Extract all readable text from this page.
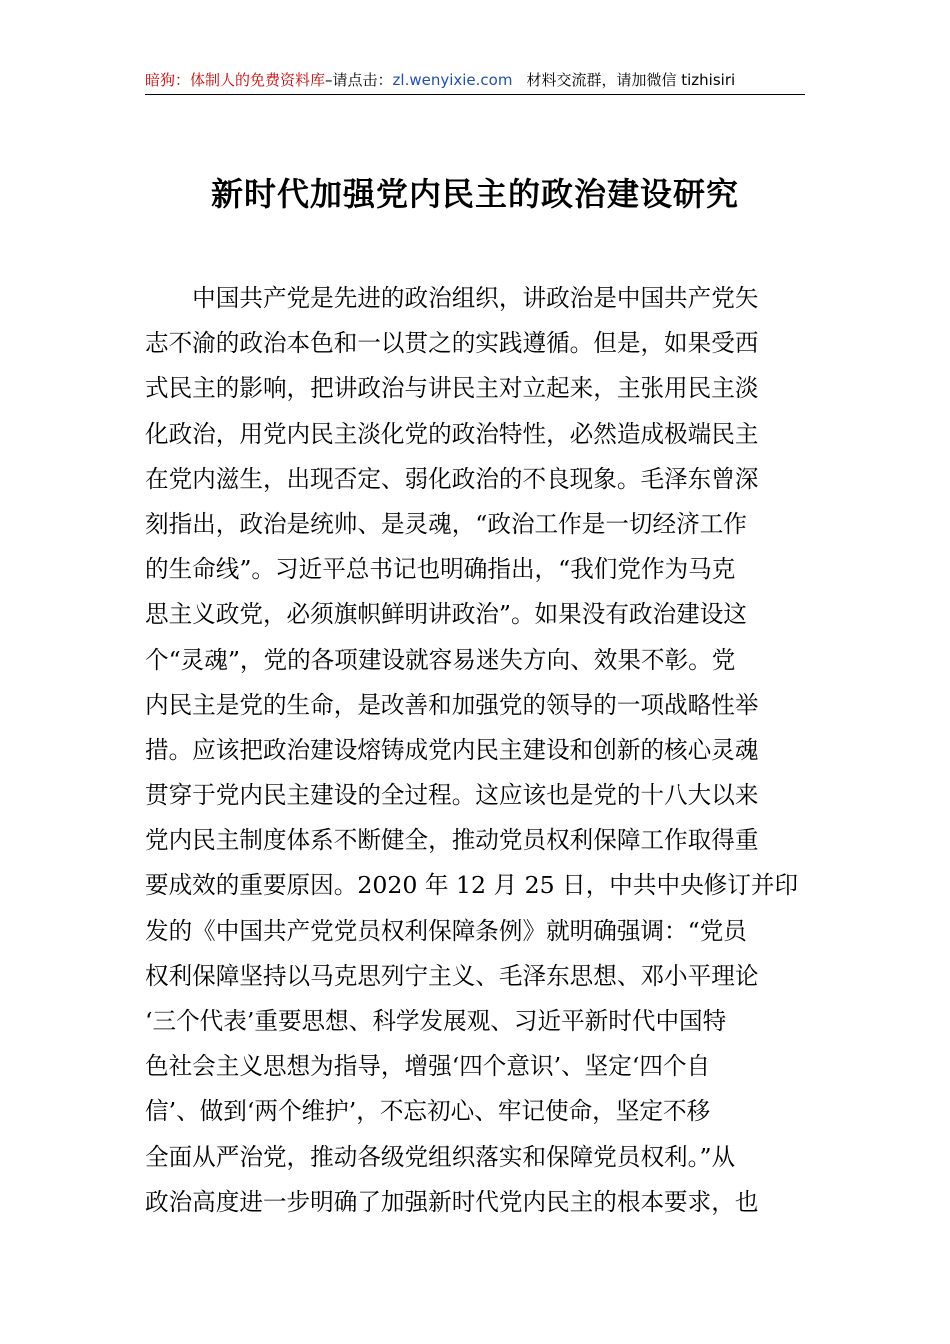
暗狗：体制人的免费资料库–请点击：zl.wenyixie.com 材料交流群，请加微信 tizhisiri
新时代加强党内民主的政治建设研究
　　中国共产党是先进的政治组织，讲政治是中国共产党矢
志不渝的政治本色和一以贯之的实践遵循。但是，如果受西
式民主的影响，把讲政治与讲民主对立起来，主张用民主淡
化政治，用党内民主淡化党的政治特性，必然造成极端民主
在党内滋生，出现否定、弱化政治的不良现象。毛泽东曾深
刻指出，政治是统帅、是灵魂，“政治工作是一切经济工作
的生命线”。习近平总书记也明确指出，“我们党作为马克
思主义政党，必须旗帜鲜明讲政治”。如果没有政治建设这
个“灵魂”，党的各项建设就容易迷失方向、效果不彰。党
内民主是党的生命，是改善和加强党的领导的一项战略性举
措。应该把政治建设熔铸成党内民主建设和创新的核心灵魂
贯穿于党内民主建设的全过程。这应该也是党的十八大以来
党内民主制度体系不断健全，推动党员权利保障工作取得重
要成效的重要原因。2020 年 12 月 25 日，中共中央修订并印
发的《中国共产党党员权利保障条例》就明确强调：“党员
权利保障坚持以马克思列宁主义、毛泽东思想、邓小平理论
‘三个代表’重要思想、科学发展观、习近平新时代中国特
色社会主义思想为指导，增强‘四个意识’、坚定‘四个自
信’、做到‘两个维护’，不忘初心、牢记使命，坚定不移
全面从严治党，推动各级党组织落实和保障党员权利。”从
政治高度进一步明确了加强新时代党内民主的根本要求，也
